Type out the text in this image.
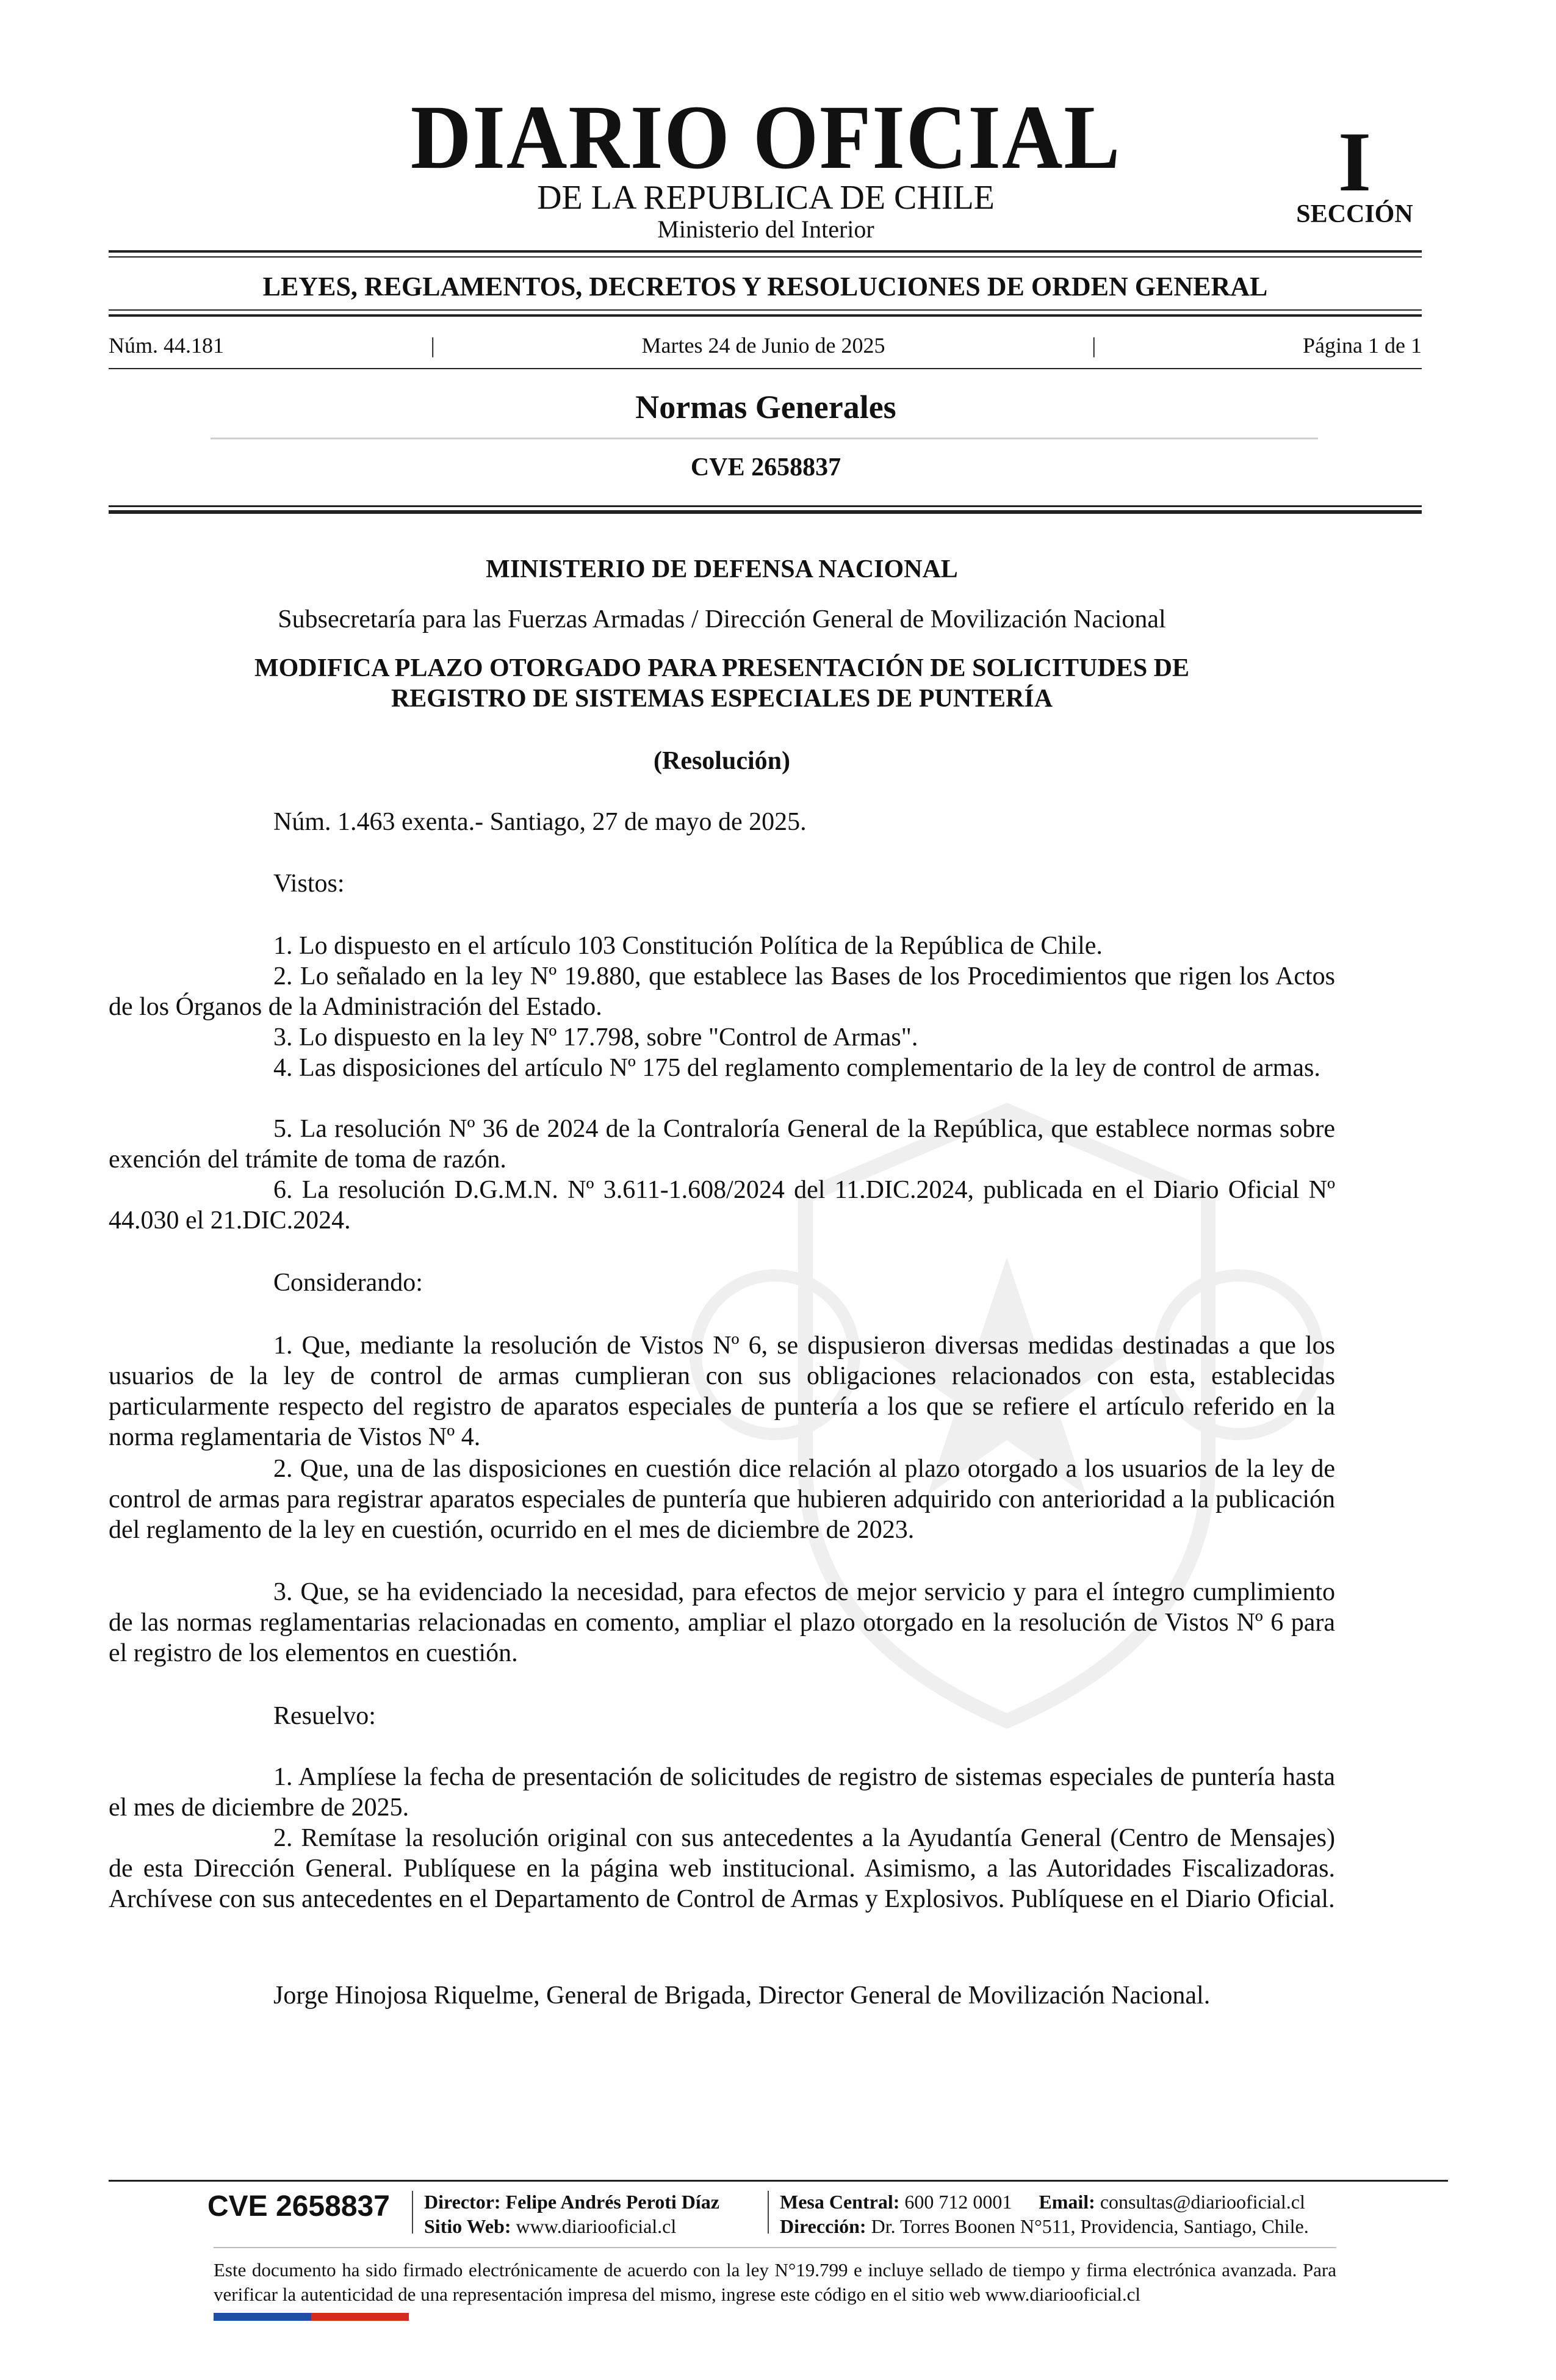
DIARIO OFICIAL
DE LA REPUBLICA DE CHILE
Ministerio del Interior
I
SECCIÓN
LEYES, REGLAMENTOS, DECRETOS Y RESOLUCIONES DE ORDEN GENERAL
Núm. 44.181	|	Martes 24 de Junio de 2025	|	Página 1 de 1
Normas Generales
CVE 2658837
MINISTERIO DE DEFENSA NACIONAL
Subsecretaría para las Fuerzas Armadas / Dirección General de Movilización Nacional
MODIFICA PLAZO OTORGADO PARA PRESENTACIÓN DE SOLICITUDES DE
REGISTRO DE SISTEMAS ESPECIALES DE PUNTERÍA
(Resolución)
Núm. 1.463 exenta.- Santiago, 27 de mayo de 2025.
Vistos:
1. Lo dispuesto en el artículo 103 Constitución Política de la República de Chile.
2. Lo señalado en la ley Nº 19.880, que establece las Bases de los Procedimientos que rigen los Actos de los Órganos de la Administración del Estado.
3. Lo dispuesto en la ley Nº 17.798, sobre "Control de Armas".
4. Las disposiciones del artículo Nº 175 del reglamento complementario de la ley de control de armas.
5. La resolución Nº 36 de 2024 de la Contraloría General de la República, que establece normas sobre exención del trámite de toma de razón.
6. La resolución D.G.M.N. Nº 3.611-1.608/2024 del 11.DIC.2024, publicada en el Diario Oficial Nº 44.030 el 21.DIC.2024.
Considerando:
1. Que, mediante la resolución de Vistos Nº 6, se dispusieron diversas medidas destinadas a que los usuarios de la ley de control de armas cumplieran con sus obligaciones relacionados con esta, establecidas particularmente respecto del registro de aparatos especiales de puntería a los que se refiere el artículo referido en la norma reglamentaria de Vistos Nº 4.
2. Que, una de las disposiciones en cuestión dice relación al plazo otorgado a los usuarios de la ley de control de armas para registrar aparatos especiales de puntería que hubieren adquirido con anterioridad a la publicación del reglamento de la ley en cuestión, ocurrido en el mes de diciembre de 2023.
3. Que, se ha evidenciado la necesidad, para efectos de mejor servicio y para el íntegro cumplimiento de las normas reglamentarias relacionadas en comento, ampliar el plazo otorgado en la resolución de Vistos Nº 6 para el registro de los elementos en cuestión.
Resuelvo:
1. Amplíese la fecha de presentación de solicitudes de registro de sistemas especiales de puntería hasta el mes de diciembre de 2025.
2. Remítase la resolución original con sus antecedentes a la Ayudantía General (Centro de Mensajes) de esta Dirección General. Publíquese en la página web institucional. Asimismo, a las Autoridades Fiscalizadoras. Archívese con sus antecedentes en el Departamento de Control de Armas y Explosivos. Publíquese en el Diario Oficial.
Jorge Hinojosa Riquelme, General de Brigada, Director General de Movilización Nacional.
CVE 2658837 Director: Felipe Andrés Peroti Díaz
Sitio Web: www.diariooficial.cl
Mesa Central: 600 712 0001 Email: consultas@diariooficial.cl
Dirección: Dr. Torres Boonen N°511, Providencia, Santiago, Chile.
Este documento ha sido firmado electrónicamente de acuerdo con la ley N°19.799 e incluye sellado de tiempo y firma electrónica avanzada. Para verificar la autenticidad de una representación impresa del mismo, ingrese este código en el sitio web www.diariooficial.cl
